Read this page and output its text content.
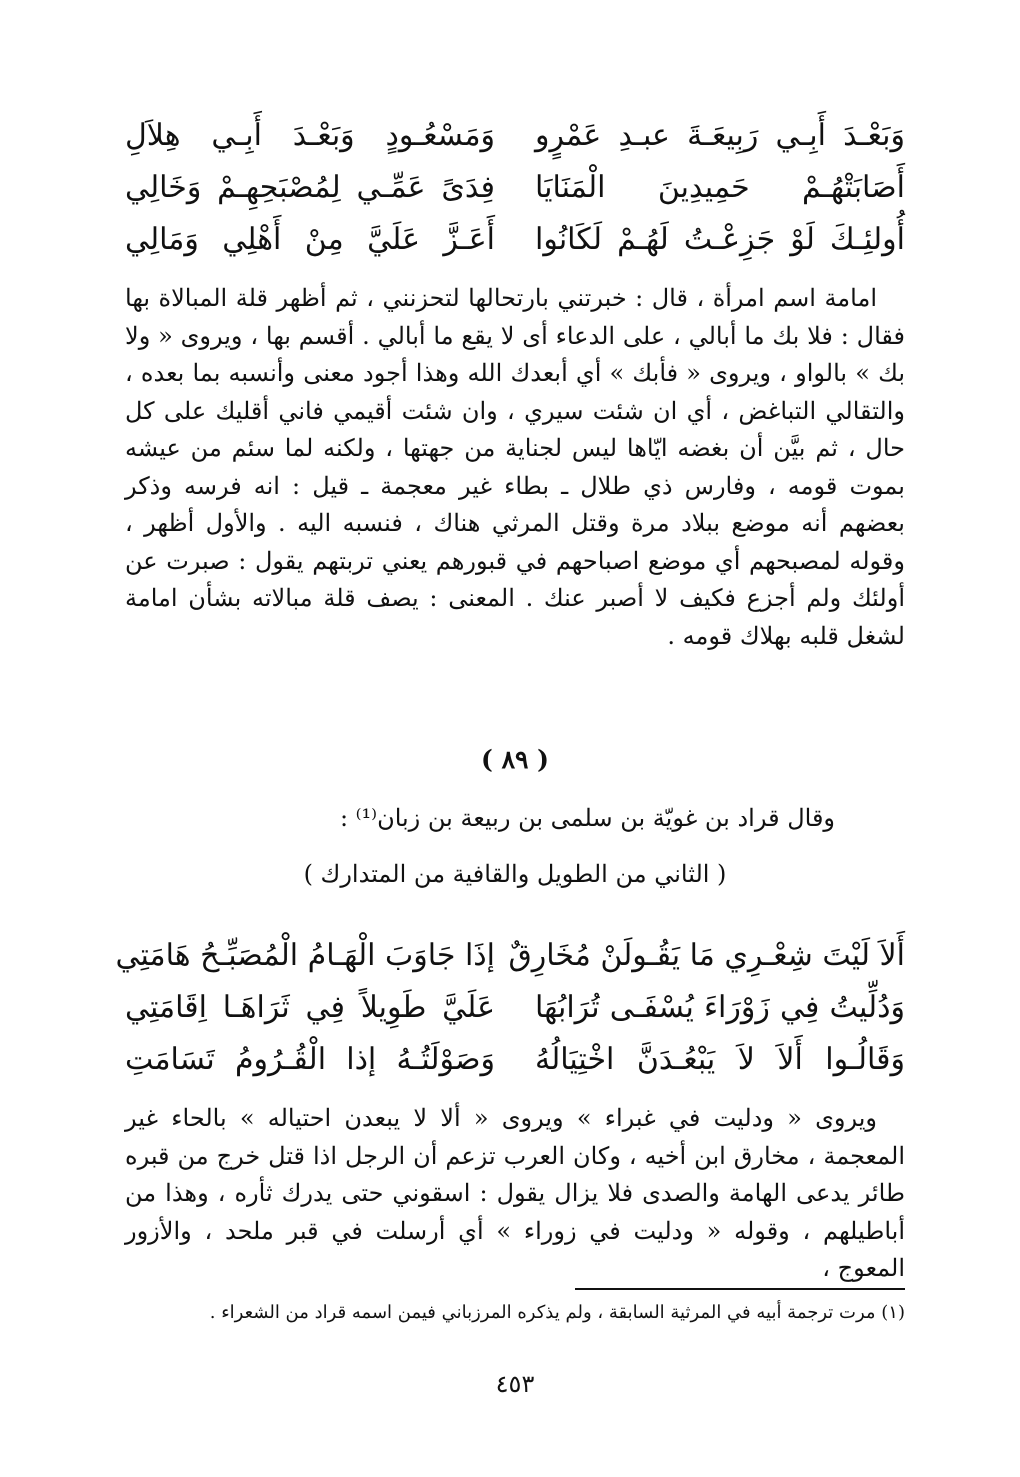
وَبَعْـدَ أَبِـي رَبِيعَـةَ عبـدِ عَمْرٍو
وَمَسْعُـودٍ وَبَعْـدَ أَبِـي هِلاَلِ
أَصَابَتْهُـمْ حَمِيدِينَ الْمَنَايَا
فِدَىً عَمِّـي لِمُصْبَحِهِـمْ وَخَالِي
أُولئِـكَ لَوْ جَزِعْـتُ لَهُـمْ لَكَانُوا
أَعَـزَّ عَلَيَّ مِنْ أَهْلِي وَمَالِي

امامة اسم امرأة ، قال : خبرتني بارتحالها لتحزنني ، ثم أظهر قلة المبالاة بها فقال : فلا بك ما أبالي ، على الدعاء أى لا يقع ما أبالي . أقسم بها ، ويروى « ولا بك » بالواو ، ويروى « فأبك » أي أبعدك الله وهذا أجود معنى وأنسبه بما بعده ، والتقالي التباغض ، أي ان شئت سيري ، وان شئت أقيمي فاني أقليك على كل حال ، ثم بيَّن أن بغضه ايّاها ليس لجناية من جهتها ، ولكنه لما سئم من عيشه بموت قومه ، وفارس ذي طلال ـ بطاء غير معجمة ـ قيل : انه فرسه وذكر بعضهم أنه موضع ببلاد مرة وقتل المرثي هناك ، فنسبه اليه . والأول أظهر ، وقوله لمصبحهم أي موضع اصباحهم في قبورهم يعني تربتهم يقول : صبرت عن أولئك ولم أجزع فكيف لا أصبر عنك . المعنى : يصف قلة مبالاته بشأن امامة لشغل قلبه بهلاك قومه .

( ٨٩ )
وقال قراد بن غويّة بن سلمى بن ربيعة بن زبان⁽¹⁾ :
( الثاني من الطويل والقافية من المتدارك )
أَلاَ لَيْتَ شِعْـرِي مَا يَقُـولَنْ مُخَارِقٌ
إذَا جَاوَبَ الْهَـامُ الْمُصَبِّـحُ هَامَتِي
وَدُلِّيتُ فِي زَوْرَاءَ يُسْفَـى تُرَابُهَا
عَلَيَّ طَوِيلاً فِي ثَرَاهَـا اِقَامَتِي
وَقَالُـوا أَلاَ لاَ يَبْعُـدَنَّ اخْتِيَالُهُ
وَصَوْلَتُـهُ إذا الْقُـرُومُ تَسَامَتِ

ويروى « ودليت في غبراء » ويروى « ألا لا يبعدن احتياله » بالحاء غير المعجمة ، مخارق ابن أخيه ، وكان العرب تزعم أن الرجل اذا قتل خرج من قبره طائر يدعى الهامة والصدى فلا يزال يقول : اسقوني حتى يدرك ثأره ، وهذا من أباطيلهم ، وقوله « ودليت في زوراء » أي أرسلت في قبر ملحد ، والأزور المعوج ،

(١) مرت ترجمة أبيه في المرثية السابقة ، ولم يذكره المرزباني فيمن اسمه قراد من الشعراء .
٤٥٣
